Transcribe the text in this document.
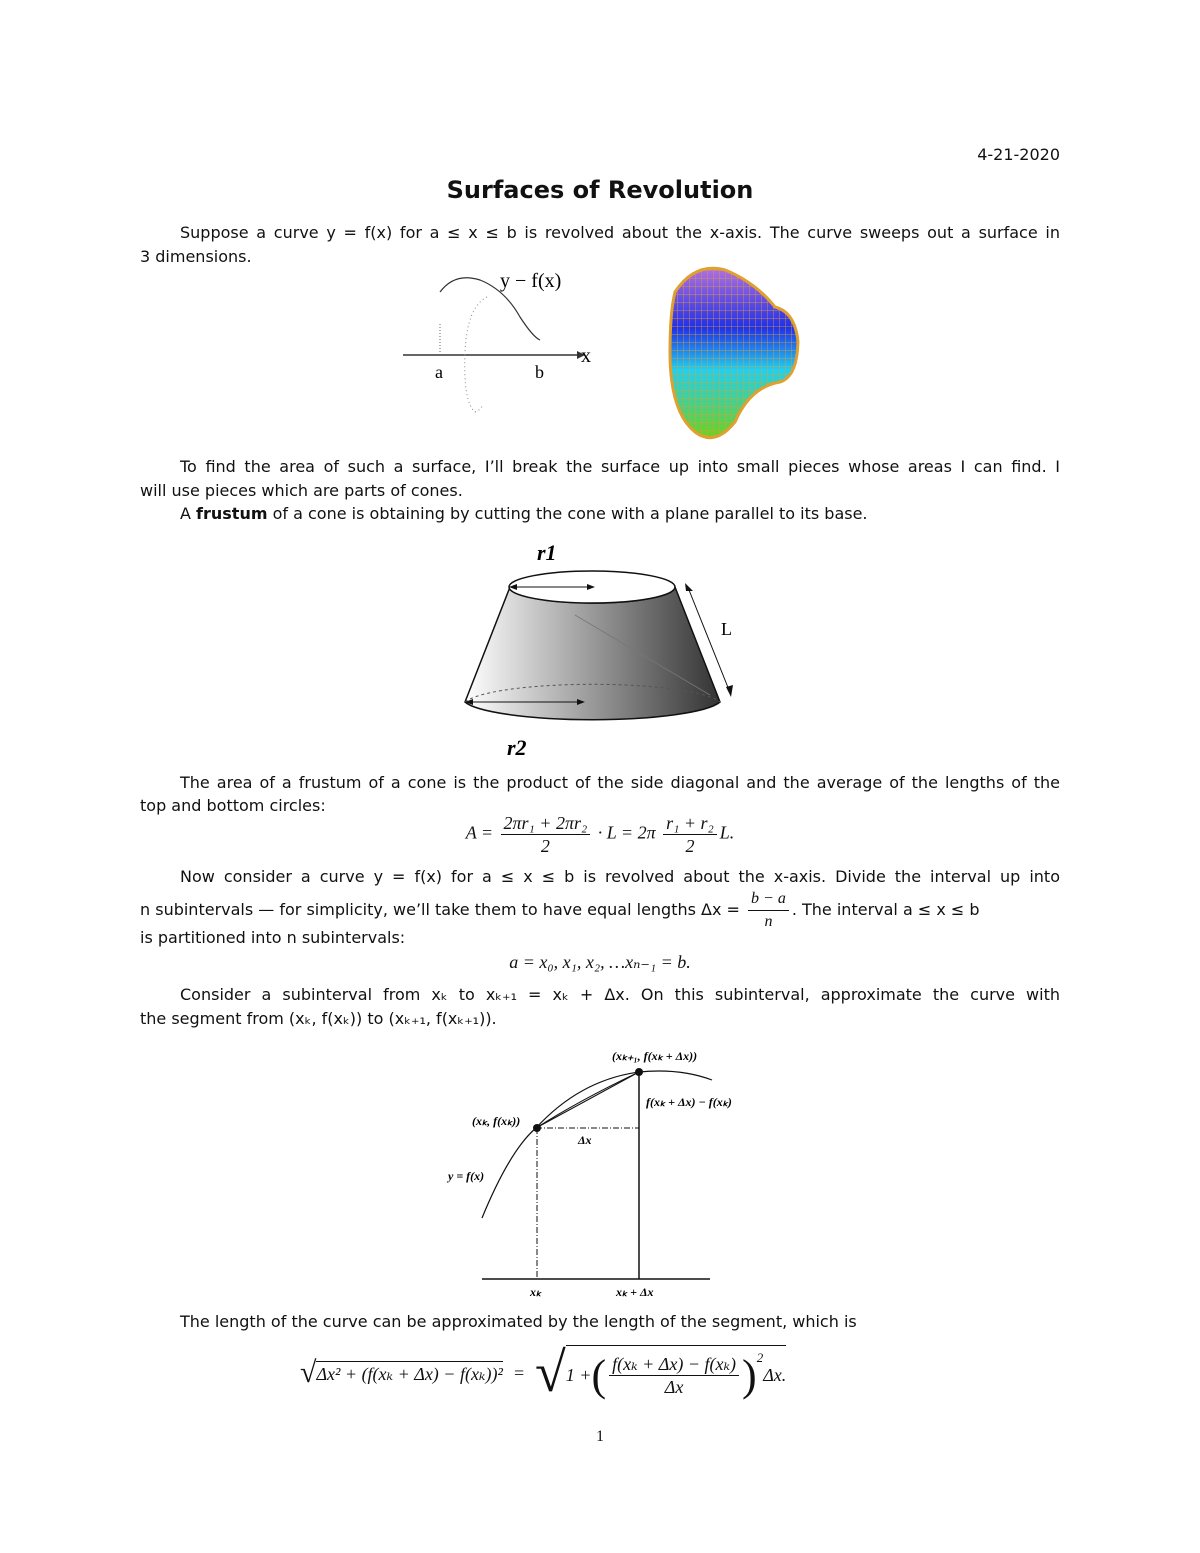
4-21-2020
Surfaces of Revolution
Suppose a curve y = f(x) for a ≤ x ≤ b is revolved about the x-axis. The curve sweeps out a surface in
3 dimensions.
y − f(x)
x
a	b
To find the area of such a surface, I’ll break the surface up into small pieces whose areas I can find. I
will use pieces which are parts of cones.
A frustum of a cone is obtaining by cutting the cone with a plane parallel to its base.
r1
r2
L
The area of a frustum of a cone is the product of the side diagonal and the average of the lengths of the
top and bottom circles:
$A = \frac{\text{2πr₁ + 2πr₂}}{2} \cdot L = 2\pi \frac{\text{r₁ + r₂}}{2} L$.
Now consider a curve y = f(x) for a ≤ x ≤ b is revolved about the x-axis. Divide the interval up into
n subintervals — for simplicity, we’ll take them to have equal lengths $\Delta x = \frac{b - a}{n}$ . The interval a ≤ x ≤ b
is partitioned into n subintervals:
a = x₀, x₁, x₂, …xₙ₋₁ = b.
Consider a subinterval from xₖ to xₖ₊₁ = xₖ + Δx. On this subinterval, approximate the curve with
the segment from (xₖ, f(xₖ)) to (xₖ₊₁, f(xₖ₊₁)).
(xₖ₊₁, f(xₖ + Δx))
(xₖ, f(xₖ))
f(xₖ + Δx) − f(xₖ)
Δx
y = f(x)
xₖ	xₖ + Δx
The length of the curve can be approximated by the length of the segment, which is
√ Δx² + (f(xₖ + Δx) − f(xₖ))² = √ 1 + ( $\frac{\text{f(xₖ + Δx) − f(xₖ)}}{\Delta x} )^2$
Δx.
1
